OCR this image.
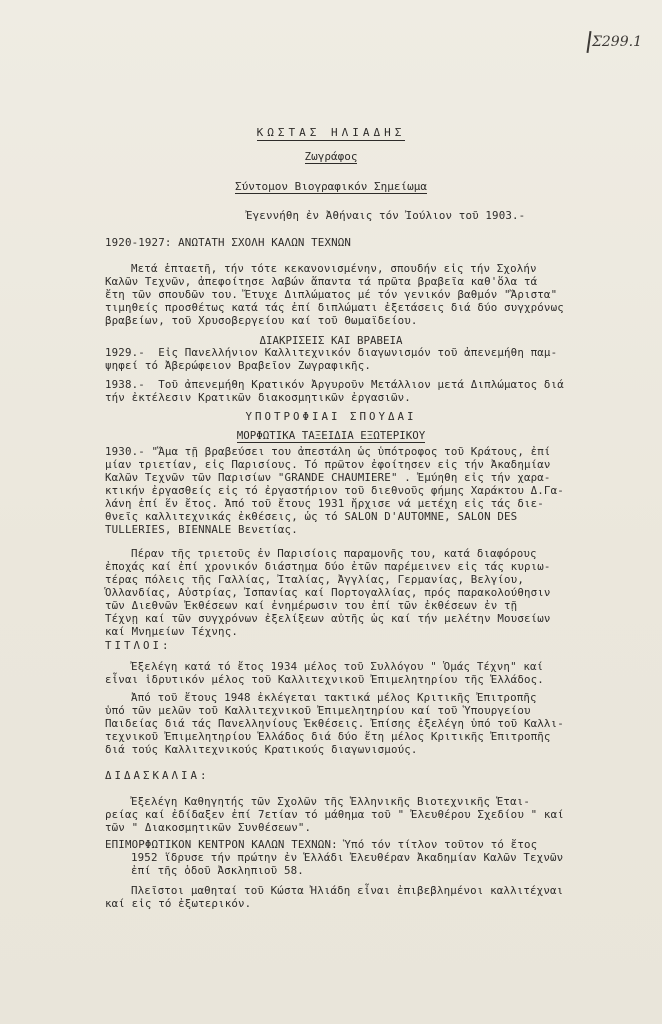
Σ299.1
ΚΩΣΤΑΣ ΗΛΙΑΔΗΣ
Ζωγράφος
Σύντομον Βιογραφικόν Σημείωμα
Ἐγεννήθη ἐν Ἀθήναις τόν Ἰούλιον τοῦ 1903.-
1920-1927: ΑΝΩΤΑΤΗ ΣΧΟΛΗ ΚΑΛΩΝ ΤΕΧΝΩΝ
Μετά ἑπταετῆ, τήν τότε κεκανονισμένην, σπουδήν εἰς τήν Σχολήν
Καλῶν Τεχνῶν, ἀπεφοίτησε λαβών ἅπαντα τά πρῶτα βραβεῖα καθ'ὅλα τά
ἔτη τῶν σπουδῶν του. Ἔτυχε Διπλώματος μέ τόν γενικόν βαθμόν "Ἄριστα"
τιμηθείς προσθέτως κατά τάς ἐπί διπλώματι ἐξετάσεις διά δύο συγχρόνως
βραβείων, τοῦ Χρυσοβεργείου καί τοῦ Θωμαϊδείου.
ΔΙΑΚΡΙΣΕΙΣ ΚΑΙ ΒΡΑΒΕΙΑ
1929.-  Εἰς Πανελλήνιον Καλλιτεχνικόν διαγωνισμόν τοῦ ἀπενεμήθη παμ-
ψηφεί τό Ἀβερώφειον Βραβεῖον Ζωγραφικῆς.
1938.-  Τοῦ ἀπενεμήθη Κρατικόν Ἀργυροῦν Μετάλλιον μετά Διπλώματος διά
τήν ἐκτέλεσιν Κρατικῶν διακοσμητικῶν ἐργασιῶν.
ΥΠΟΤΡΟΦΙΑΙ ΣΠΟΥΔΑΙ
ΜΟΡΦΩΤΙΚΑ ΤΑΞΕΙΔΙΑ ΕΞΩΤΕΡΙΚΟΥ
1930.- "Ἅμα τῇ βραβεύσει του ἀπεστάλη ὡς ὑπότροφος τοῦ Κράτους, ἐπί
μίαν τριετίαν, εἰς Παρισίους. Τό πρῶτον ἐφοίτησεν εἰς τήν Ἀκαδημίαν
Καλῶν Τεχνῶν τῶν Παρισίων "GRANDE CHAUMIERE" . Ἐμύηθη εἰς τήν χαρα-
κτικήν ἐργασθείς εἰς τό ἐργαστήριον τοῦ διεθνοῦς φήμης Χαράκτου Δ.Γα-
λάνη ἐπί ἕν ἔτος. Ἀπό τοῦ ἔτους 1931 ἤρχισε νά μετέχη εἰς τάς διε-
θνεῖς καλλιτεχνικάς ἐκθέσεις, ὡς τό SALON D'AUTOMNE, SALON DES
TULLERIES, BIENNALE Βενετίας.
Πέραν τῆς τριετοῦς ἐν Παρισίοις παραμονῆς του, κατά διαφόρους
ἐποχάς καί ἐπί χρονικόν διάστημα δύο ἐτῶν παρέμεινεν εἰς τάς κυριω-
τέρας πόλεις τῆς Γαλλίας, Ἰταλίας, Ἀγγλίας, Γερμανίας, Βελγίου,
Ὁλλανδίας, Αὐστρίας, Ἰσπανίας καί Πορτογαλλίας, πρός παρακολούθησιν
τῶν Διεθνῶν Ἐκθέσεων καί ἐνημέρωσιν του ἐπί τῶν ἐκθέσεων ἐν τῇ
Τέχνῃ καί τῶν συγχρόνων ἐξελίξεων αὐτῆς ὡς καί τήν μελέτην Μουσείων
καί Μνημείων Τέχνης.
ΤΙΤΛΟΙ:
Ἐξελέγη κατά τό ἔτος 1934 μέλος τοῦ Συλλόγου " Ὁμάς Τέχνη" καί
εἶναι ἱδρυτικόν μέλος τοῦ Καλλιτεχνικοῦ Ἐπιμελητηρίου τῆς Ἑλλάδος.
Ἀπό τοῦ ἔτους 1948 ἐκλέγεται τακτικά μέλος Κριτικῆς Ἐπιτροπῆς
ὑπό τῶν μελῶν τοῦ Καλλιτεχνικοῦ Ἐπιμελητηρίου καί τοῦ Ὑπουργείου
Παιδείας διά τάς Πανελληνίους Ἐκθέσεις. Ἐπίσης ἐξελέγη ὑπό τοῦ Καλλι-
τεχνικοῦ Ἐπιμελητηρίου Ἑλλάδος διά δύο ἔτη μέλος Κριτικῆς Ἐπιτροπῆς
διά τούς Καλλιτεχνικούς Κρατικούς διαγωνισμούς.
ΔΙΔΑΣΚΑΛΙΑ:
Ἐξελέγη Καθηγητής τῶν Σχολῶν τῆς Ἑλληνικῆς Βιοτεχνικῆς Ἑται-
ρείας καί ἐδίδαξεν ἐπί 7ετίαν τό μάθημα τοῦ " Ἐλευθέρου Σχεδίου " καί
τῶν " Διακοσμητικῶν Συνθέσεων".
ΕΠΙΜΟΡΦΩΤΙΚΟΝ ΚΕΝΤΡΟΝ ΚΑΛΩΝ ΤΕΧΝΩΝ: Ὑπό τόν τίτλον τοῦτον τό ἔτος
1952 ἵδρυσε τήν πρώτην ἐν Ἑλλάδι Ἐλευθέραν Ἀκαδημίαν Καλῶν Τεχνῶν
ἐπί τῆς ὁδοῦ Ἀσκληπιοῦ 58.
Πλεῖστοι μαθηταί τοῦ Κώστα Ἠλιάδη εἶναι ἐπιβεβλημένοι καλλιτέχναι
καί εἰς τό ἐξωτερικόν.
